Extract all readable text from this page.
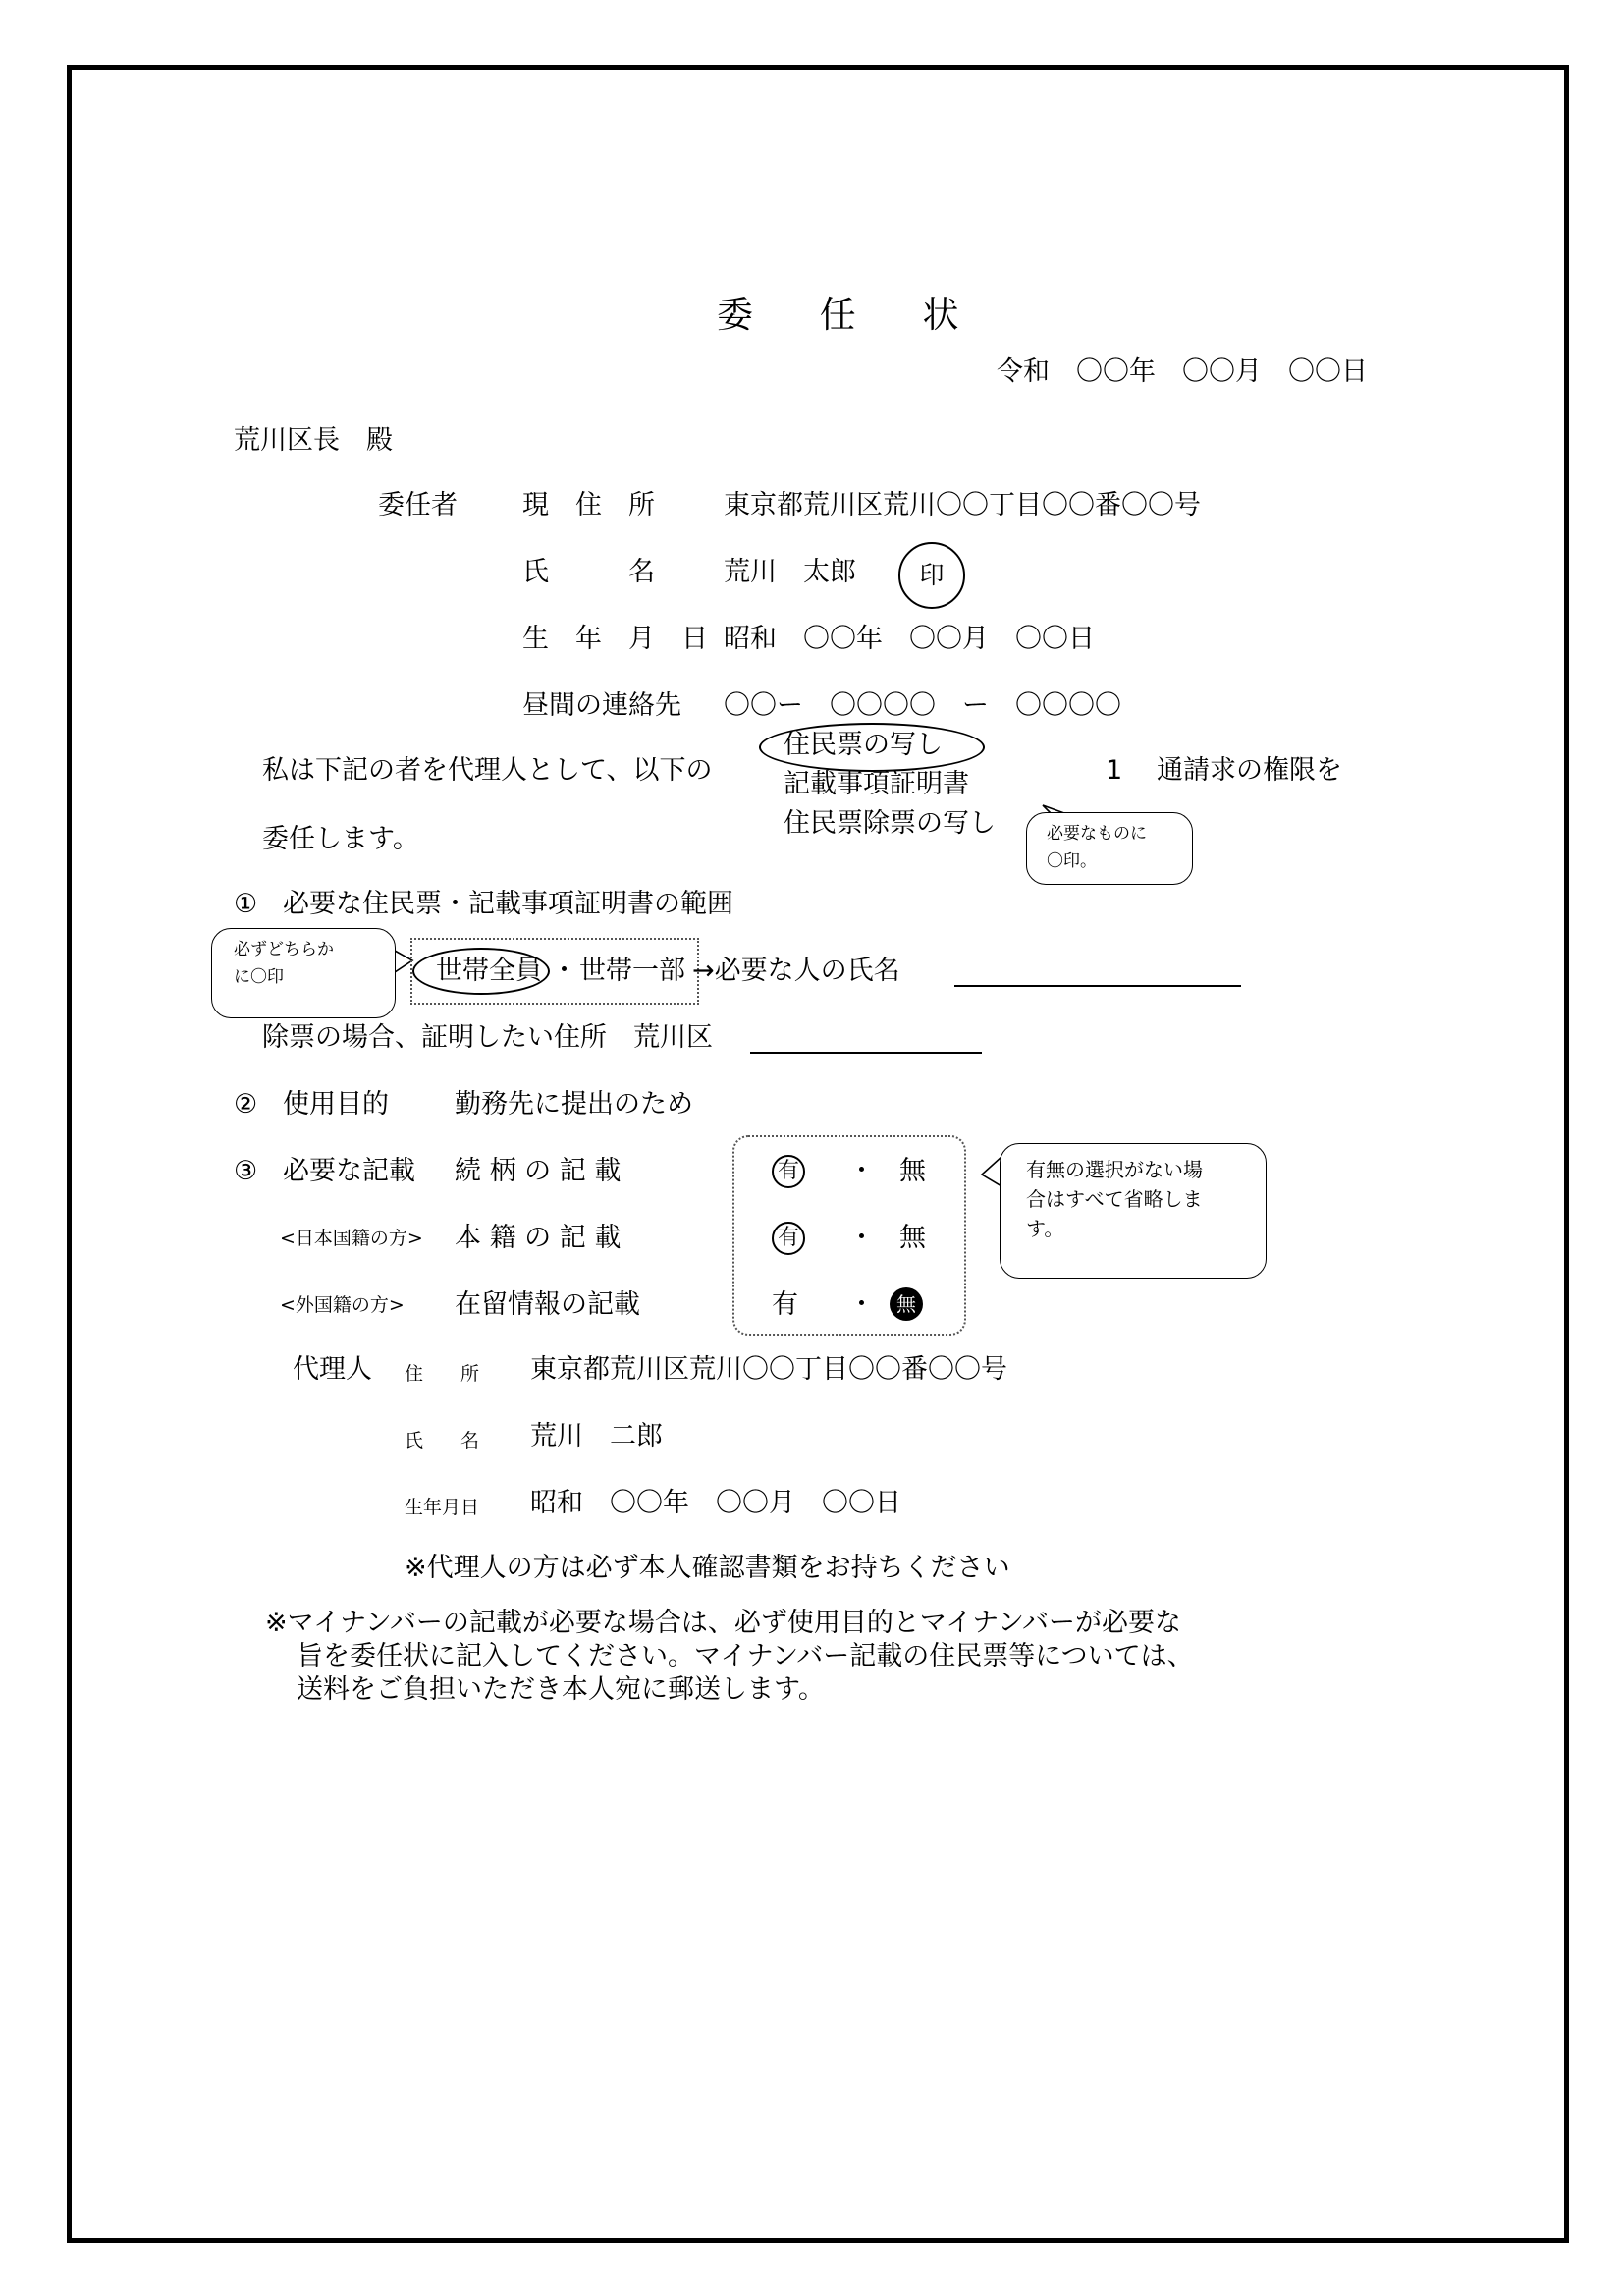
委 任 状
令和　〇〇年　〇〇月　〇〇日
荒川区長　殿
委任者 現　住　所	東京都荒川区荒川〇〇丁目〇〇番〇〇号
氏　　　名	荒川　太郎	印
生　年　月　日 昭和　〇〇年　〇〇月　〇〇日
昼間の連絡先 〇〇ー　〇〇〇〇　ー　〇〇〇〇
私は下記の者を代理人として、以下の
住民票の写し
記載事項証明書
住民票除票の写し
1 通請求の権限を
委任します。	必要なものに
〇印。
① 必要な住民票・記載事項証明書の範囲
必ずどちらか
に〇印	世帯全員 ・ 世帯一部 →必要な人の氏名
除票の場合、証明したい住所　荒川区
② 使用目的 勤務先に提出のため
③ 必要な記載 続 柄 の 記 載	有 ・ 無
<日本国籍の方> 本 籍 の 記 載	有 ・ 無
<外国籍の方> 在留情報の記載	有 ・	無
有無の選択がない場
合はすべて省略しま
す。
代理人 住　　所 東京都荒川区荒川〇〇丁目〇〇番〇〇号
氏　　名 荒川　二郎
生年月日 昭和　〇〇年　〇〇月　〇〇日
※代理人の方は必ず本人確認書類をお持ちください
※マイナンバーの記載が必要な場合は、必ず使用目的とマイナンバーが必要な
旨を委任状に記入してください。マイナンバー記載の住民票等については、
送料をご負担いただき本人宛に郵送します。
